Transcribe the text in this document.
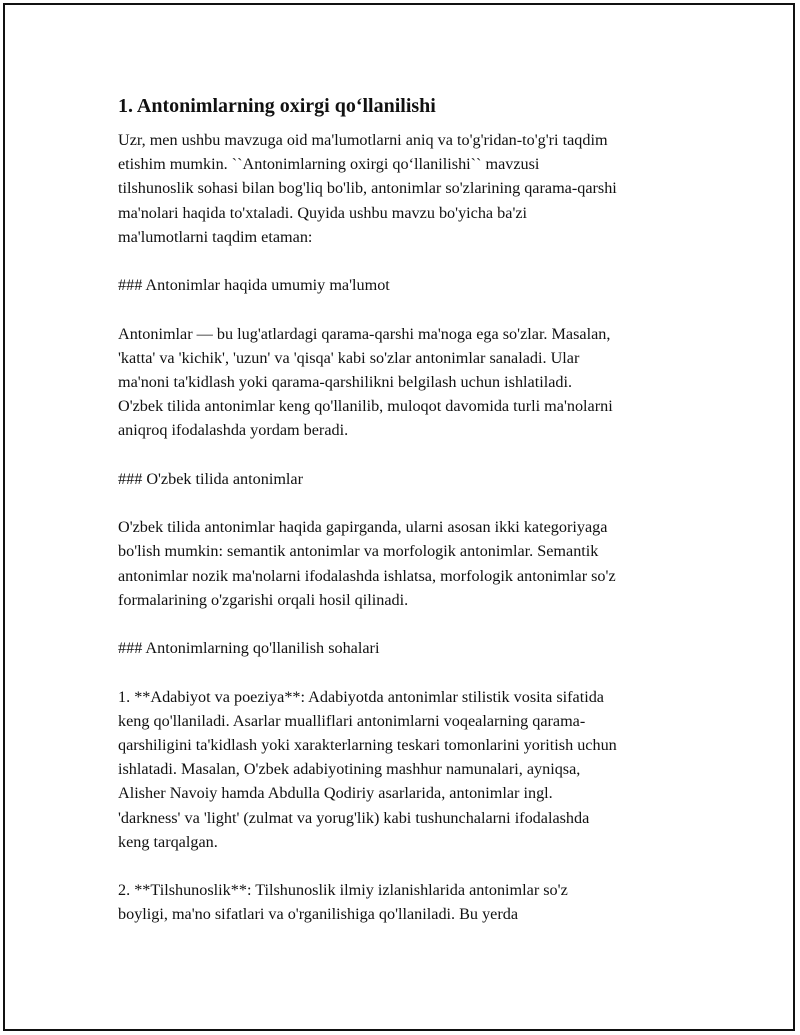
1. Antonimlarning oxirgi qo‘llanilishi

Uzr, men ushbu mavzuga oid ma'lumotlarni aniq va to'g'ridan-to'g'ri taqdim
etishim mumkin. ``Antonimlarning oxirgi qo‘llanilishi`` mavzusi
tilshunoslik sohasi bilan bog'liq bo'lib, antonimlar so'zlarining qarama-qarshi
ma'nolari haqida to'xtaladi. Quyida ushbu mavzu bo'yicha ba'zi
ma'lumotlarni taqdim etaman:

### Antonimlar haqida umumiy ma'lumot

Antonimlar — bu lug'atlardagi qarama-qarshi ma'noga ega so'zlar. Masalan,
'katta' va 'kichik', 'uzun' va 'qisqa' kabi so'zlar antonimlar sanaladi. Ular
ma'noni ta'kidlash yoki qarama-qarshilikni belgilash uchun ishlatiladi.
O'zbek tilida antonimlar keng qo'llanilib, muloqot davomida turli ma'nolarni
aniqroq ifodalashda yordam beradi.

### O'zbek tilida antonimlar

O'zbek tilida antonimlar haqida gapirganda, ularni asosan ikki kategoriyaga
bo'lish mumkin: semantik antonimlar va morfologik antonimlar. Semantik
antonimlar nozik ma'nolarni ifodalashda ishlatsa, morfologik antonimlar so'z
formalarining o'zgarishi orqali hosil qilinadi.

### Antonimlarning qo'llanilish sohalari

1. **Adabiyot va poeziya**: Adabiyotda antonimlar stilistik vosita sifatida
keng qo'llaniladi. Asarlar mualliflari antonimlarni voqealarning qarama-
qarshiligini ta'kidlash yoki xarakterlarning teskari tomonlarini yoritish uchun
ishlatadi. Masalan, O'zbek adabiyotining mashhur namunalari, ayniqsa,
Alisher Navoiy hamda Abdulla Qodiriy asarlarida, antonimlar ingl.
'darkness' va 'light' (zulmat va yorug'lik) kabi tushunchalarni ifodalashda
keng tarqalgan.

2. **Tilshunoslik**: Tilshunoslik ilmiy izlanishlarida antonimlar so'z
boyligi, ma'no sifatlari va o'rganilishiga qo'llaniladi. Bu yerda
